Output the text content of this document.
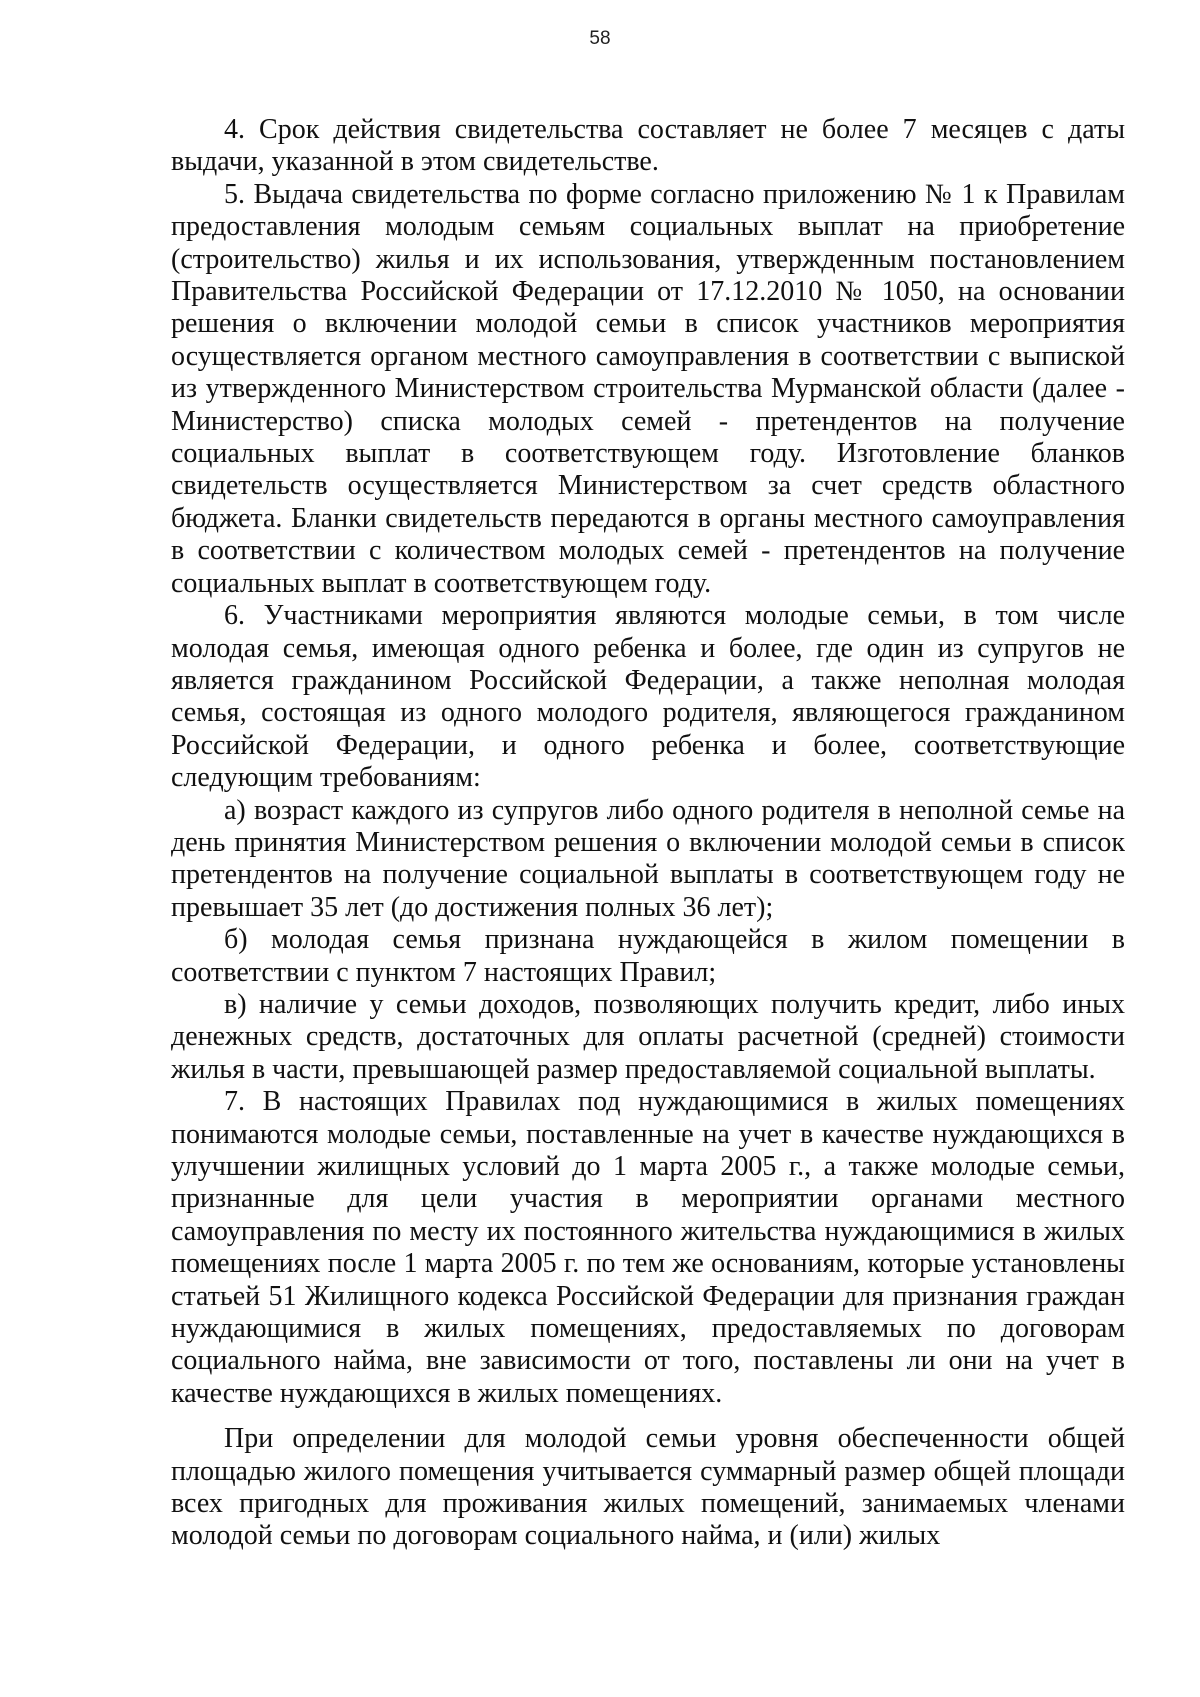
58

4. Срок действия свидетельства составляет не более 7 месяцев с даты выдачи, указанной в этом свидетельстве.

5. Выдача свидетельства по форме согласно приложению № 1 к Правилам предоставления молодым семьям социальных выплат на приобретение (строительство) жилья и их использования, утвержденным постановлением Правительства Российской Федерации от 17.12.2010 № 1050, на основании решения о включении молодой семьи в список участников мероприятия осуществляется органом местного самоуправления в соответствии с выпиской из утвержденного Министерством строительства Мурманской области (далее - Министерство) списка молодых семей - претендентов на получение социальных выплат в соответствующем году. Изготовление бланков свидетельств осуществляется Министерством за счет средств областного бюджета. Бланки свидетельств передаются в органы местного самоуправления в соответствии с количеством молодых семей - претендентов на получение социальных выплат в соответствующем году.

6. Участниками мероприятия являются молодые семьи, в том числе молодая семья, имеющая одного ребенка и более, где один из супругов не является гражданином Российской Федерации, а также неполная молодая семья, состоящая из одного молодого родителя, являющегося гражданином Российской Федерации, и одного ребенка и более, соответствующие следующим требованиям:

а) возраст каждого из супругов либо одного родителя в неполной семье на день принятия Министерством решения о включении молодой семьи в список претендентов на получение социальной выплаты в соответствующем году не превышает 35 лет (до достижения полных 36 лет);

б) молодая семья признана нуждающейся в жилом помещении в соответствии с пунктом 7 настоящих Правил;

в) наличие у семьи доходов, позволяющих получить кредит, либо иных денежных средств, достаточных для оплаты расчетной (средней) стоимости жилья в части, превышающей размер предоставляемой социальной выплаты.

7. В настоящих Правилах под нуждающимися в жилых помещениях понимаются молодые семьи, поставленные на учет в качестве нуждающихся в улучшении жилищных условий до 1 марта 2005 г., а также молодые семьи, признанные для цели участия в мероприятии органами местного самоуправления по месту их постоянного жительства нуждающимися в жилых помещениях после 1 марта 2005 г. по тем же основаниям, которые установлены статьей 51 Жилищного кодекса Российской Федерации для признания граждан нуждающимися в жилых помещениях, предоставляемых по договорам социального найма, вне зависимости от того, поставлены ли они на учет в качестве нуждающихся в жилых помещениях.

При определении для молодой семьи уровня обеспеченности общей площадью жилого помещения учитывается суммарный размер общей площади всех пригодных для проживания жилых помещений, занимаемых членами молодой семьи по договорам социального найма, и (или) жилых
